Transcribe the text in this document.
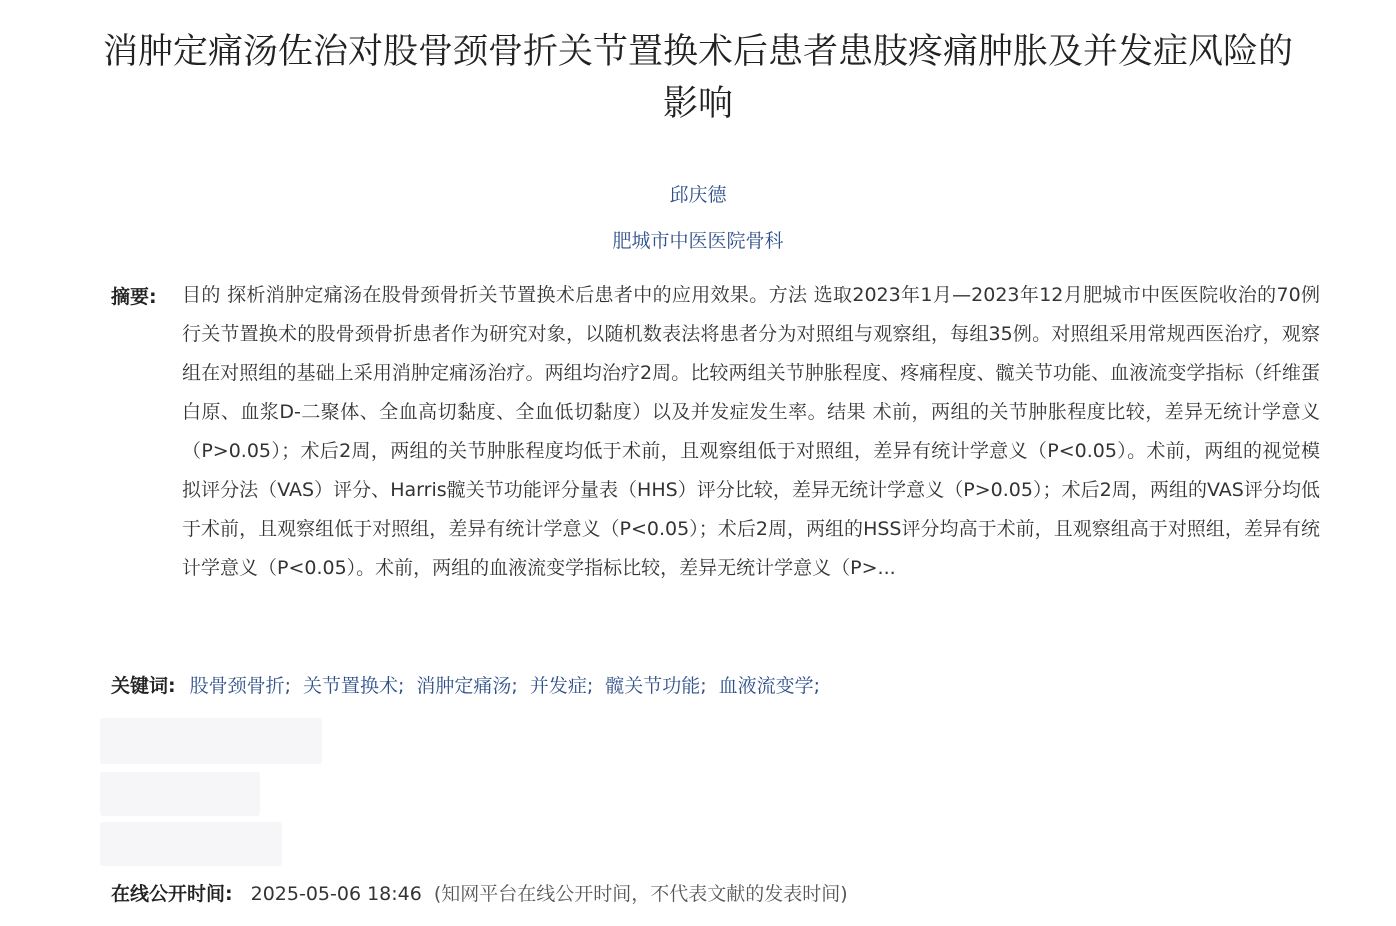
消肿定痛汤佐治对股骨颈骨折关节置换术后患者患肢疼痛肿胀及并发症风险的影响
邱庆德
肥城市中医医院骨科
摘要: 目的 探析消肿定痛汤在股骨颈骨折关节置换术后患者中的应用效果。方法 选取2023年1月—2023年12月肥城市中医医院收治的70例行关节置换术的股骨颈骨折患者作为研究对象，以随机数表法将患者分为对照组与观察组，每组35例。对照组采用常规西医治疗，观察组在对照组的基础上采用消肿定痛汤治疗。两组均治疗2周。比较两组关节肿胀程度、疼痛程度、髋关节功能、血液流变学指标（纤维蛋白原、血浆D-二聚体、全血高切黏度、全血低切黏度）以及并发症发生率。结果 术前，两组的关节肿胀程度比较，差异无统计学意义（P>0.05）；术后2周，两组的关节肿胀程度均低于术前，且观察组低于对照组，差异有统计学意义（P<0.05）。术前，两组的视觉模拟评分法（VAS）评分、Harris髋关节功能评分量表（HHS）评分比较，差异无统计学意义（P>0.05）；术后2周，两组的VAS评分均低于术前，且观察组低于对照组，差异有统计学意义（P<0.05）；术后2周，两组的HSS评分均高于术前，且观察组高于对照组，差异有统计学意义（P<0.05）。术前，两组的血液流变学指标比较，差异无统计学意义（P>...
关键词: 股骨颈骨折; 关节置换术; 消肿定痛汤; 并发症; 髋关节功能; 血液流变学;
在线公开时间: 2025-05-06 18:46 (知网平台在线公开时间，不代表文献的发表时间)
